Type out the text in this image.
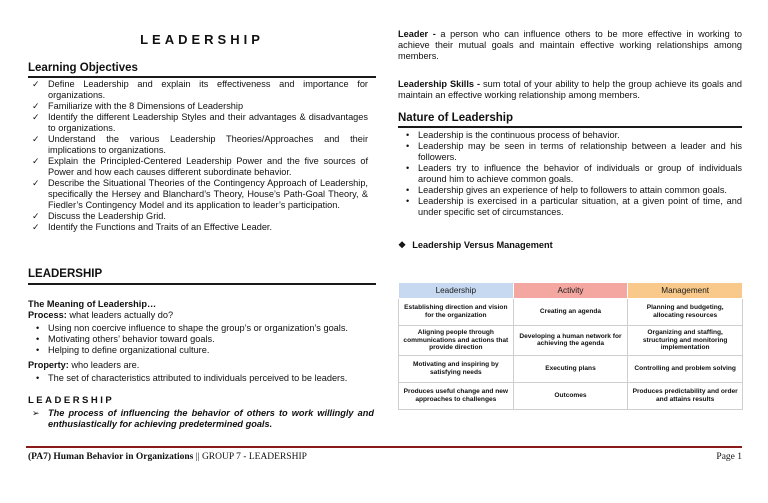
LEADERSHIP
Learning Objectives
✓ Define Leadership and explain its effectiveness and importance for organizations.
✓ Familiarize with the 8 Dimensions of Leadership
✓ Identify the different Leadership Styles and their advantages & disadvantages to organizations.
✓ Understand the various Leadership Theories/Approaches and their implications to organizations.
✓ Explain the Principled-Centered Leadership Power and the five sources of Power and how each causes different subordinate behavior.
✓ Describe the Situational Theories of the Contingency Approach of Leadership, specifically the Hersey and Blanchard’s Theory, House’s Path-Goal Theory, & Fiedler’s Contingency Model and its application to leader’s participation.
✓ Discuss the Leadership Grid.
✓ Identify the Functions and Traits of an Effective Leader.
LEADERSHIP
The Meaning of Leadership…
Process: what leaders actually do?
• Using non coercive influence to shape the group’s or organization’s goals.
• Motivating others’ behavior toward goals.
• Helping to define organizational culture.
Property: who leaders are.
• The set of characteristics attributed to individuals perceived to be leaders.
LEADERSHIP
➢ The process of influencing the behavior of others to work willingly and enthusiastically for achieving predetermined goals.
Leader - a person who can influence others to be more effective in working to achieve their mutual goals and maintain effective working relationships among members.
Leadership Skills - sum total of your ability to help the group achieve its goals and maintain an effective working relationship among members.
Nature of Leadership
• Leadership is the continuous process of behavior.
• Leadership may be seen in terms of relationship between a leader and his followers.
• Leaders try to influence the behavior of individuals or group of individuals around him to achieve common goals.
• Leadership gives an experience of help to followers to attain common goals.
• Leadership is exercised in a particular situation, at a given point of time, and under specific set of circumstances.
❖ Leadership Versus Management
Leadership	Activity	Management
Establishing direction and vision for the organization	Creating an agenda	Planning and budgeting, allocating resources
Aligning people through communications and actions that provide direction	Developing a human network for achieving the agenda	Organizing and staffing, structuring and monitoring implementation
Motivating and inspiring by satisfying needs	Executing plans	Controlling and problem solving
Produces useful change and new approaches to challenges	Outcomes	Produces predictability and order and attains results
(PA7) Human Behavior in Organizations || GROUP 7 - LEADERSHIP	Page 1
